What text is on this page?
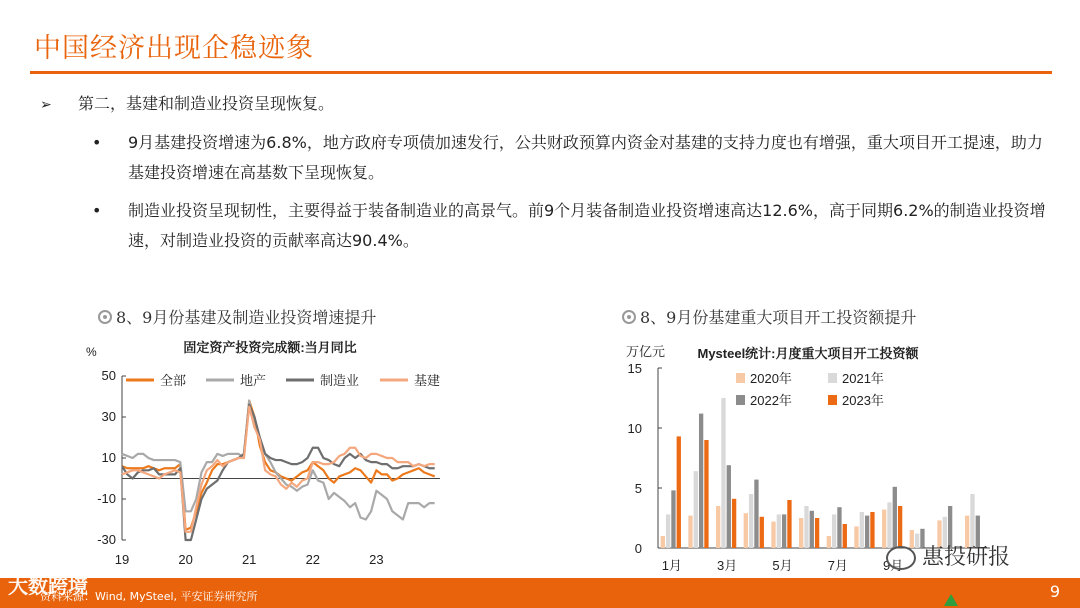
中国经济出现企稳迹象
➢ 第二，基建和制造业投资呈现恢复。
• 9月基建投资增速为6.8%，地方政府专项债加速发行，公共财政预算内资金对基建的支持力度也有增强，重大项目开工提速，助力基建投资增速在高基数下呈现恢复。
• 制造业投资呈现韧性，主要得益于装备制造业的高景气。前9个月装备制造业投资增速高达12.6%，高于同期6.2%的制造业投资增速，对制造业投资的贡献率高达90.4%。
8、9月份基建及制造业投资增速提升	8、9月份基建重大项目开工投资额提升
%	固定资产投资完成额:当月同比
全部	地产	制造业	基建
50
30
10
-10
-30
19	20	21	22	23
万亿元 Mysteel统计:月度重大项目开工投资额
2020年	2021年
2022年	2023年
15
10
5
0
1月	3月	5月	7月	9月 惠投研报
大数跨境
资料来源：Wind, MySteel, 平安证券研究所	9
